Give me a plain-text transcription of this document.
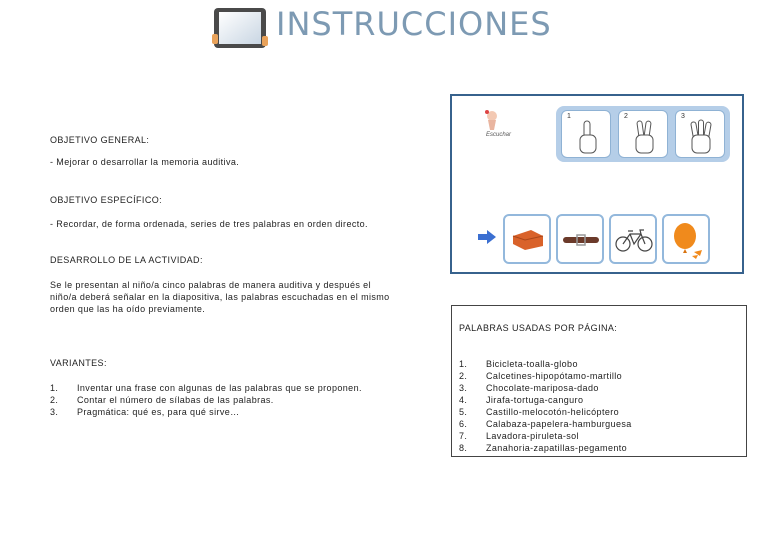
INSTRUCCIONES
OBJETIVO GENERAL:
- Mejorar o desarrollar la memoria auditiva.
OBJETIVO ESPECÍFICO:
- Recordar, de forma ordenada, series de tres palabras en orden directo.
DESARROLLO DE LA ACTIVIDAD:
Se le presentan al niño/a cinco palabras de manera auditiva y después el
niño/a deberá señalar en la diapositiva, las palabras escuchadas en el mismo
orden que las ha oído previamente.
VARIANTES:
1. Inventar una frase con algunas de las palabras que se proponen.
2. Contar el número de sílabas de las palabras.
3. Pragmática: qué es, para qué sirve…
Escuchar
1	2	3
PALABRAS USADAS POR PÁGINA:
1. Bicicleta-toalla-globo
2. Calcetines-hipopótamo-martillo
3. Chocolate-mariposa-dado
4. Jirafa-tortuga-canguro
5. Castillo-melocotón-helicóptero
6. Calabaza-papelera-hamburguesa
7. Lavadora-piruleta-sol
8. Zanahoria-zapatillas-pegamento
